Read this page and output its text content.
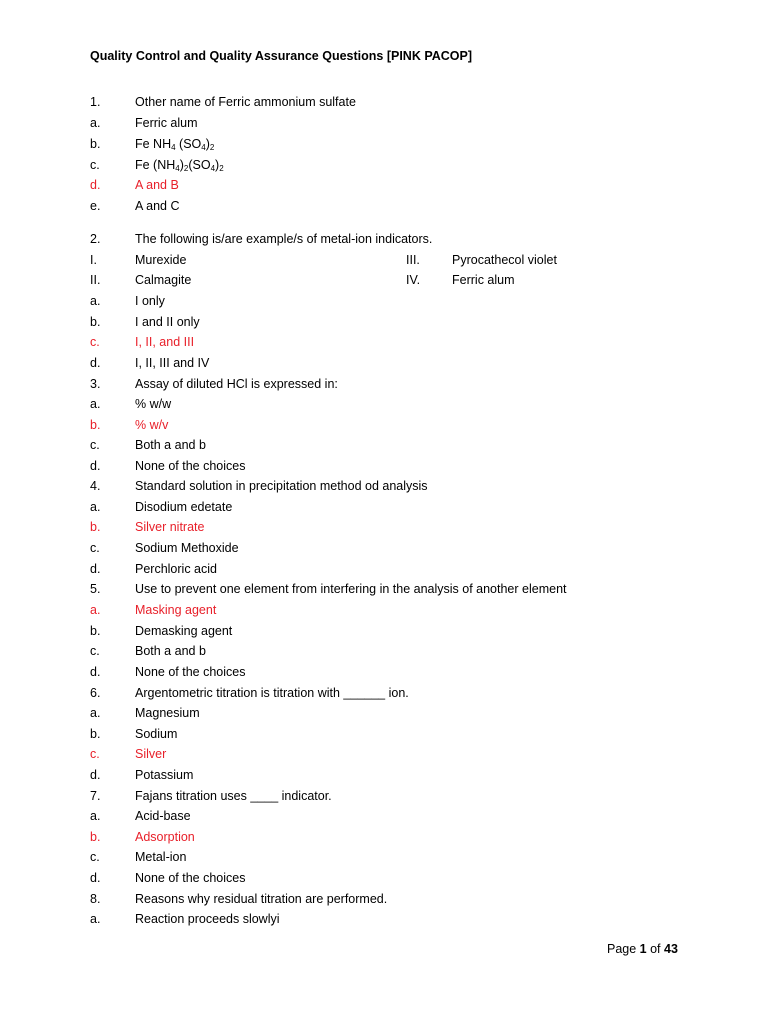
Quality Control and Quality Assurance Questions [PINK PACOP]
1.	Other name of Ferric ammonium sulfate
a.	Ferric alum
b.	Fe $NH_4$ $(SO_4)_2$
c.	Fe $(NH_4)_2(SO_4)_2$
d.	A and B
e.	A and C
2.	The following is/are example/s of metal-ion indicators.
I.	Murexide	III.	Pyrocathecol violet
II.	Calmagite	IV.	Ferric alum
a.	I only
b.	I and II only
c.	I, II, and III
d.	I, II, III and IV
3.	Assay of diluted HCl is expressed in:
a.	% w/w
b.	% w/v
c.	Both a and b
d.	None of the choices
4.	Standard solution in precipitation method od analysis
a.	Disodium edetate
b.	Silver nitrate
c.	Sodium Methoxide
d.	Perchloric acid
5.	Use to prevent one element from interfering in the analysis of another element
a.	Masking agent
b.	Demasking agent
c.	Both a and b
d.	None of the choices
6.	Argentometric titration is titration with ______ ion.
a.	Magnesium
b.	Sodium
c.	Silver
d.	Potassium
7.	Fajans titration uses ____ indicator.
a.	Acid-base
b.	Adsorption
c.	Metal-ion
d.	None of the choices
8.	Reasons why residual titration are performed.
a.	Reaction proceeds slowlyi
Page 1 of 43
